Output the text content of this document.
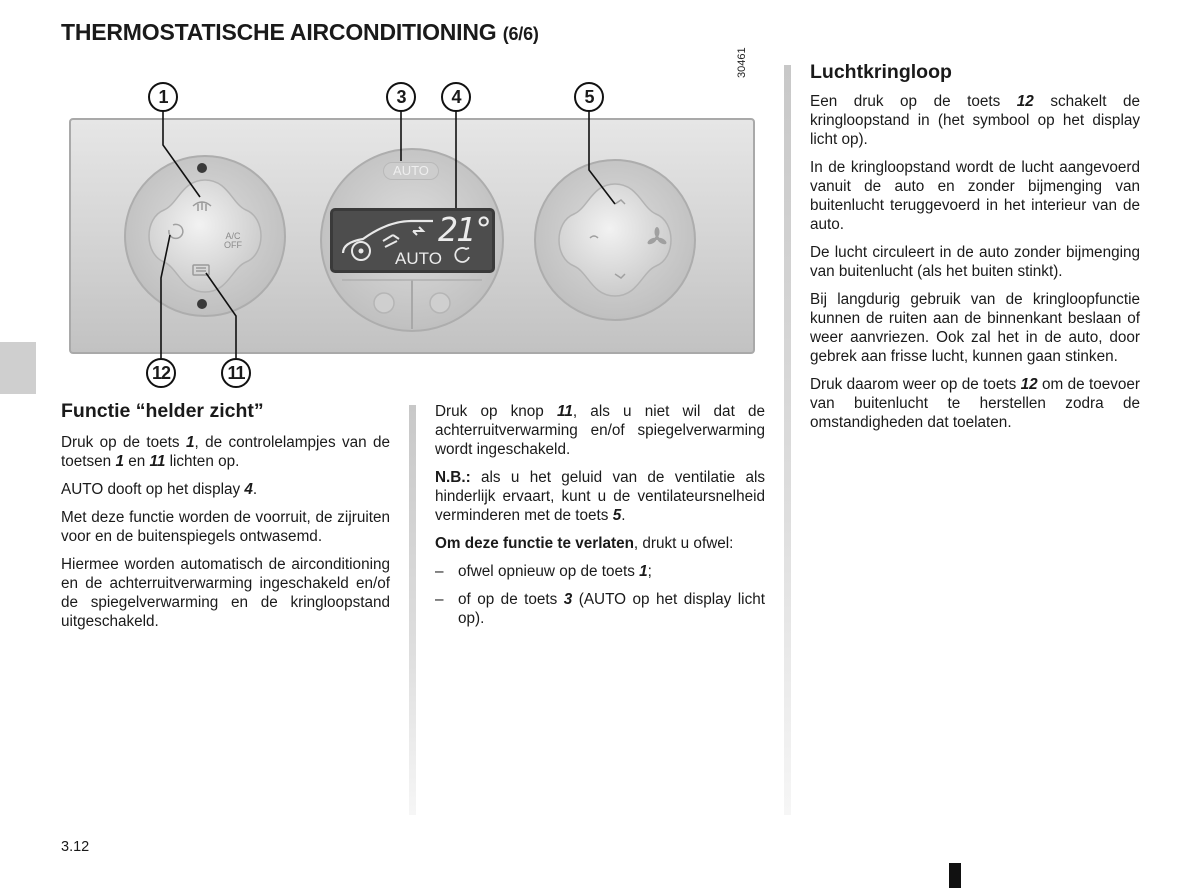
THERMOSTATISCHE AIRCONDITIONING (6/6)
1	3	4	5
12	11
30461
A/C
OFF
AUTO
21°
AUTO
Functie “helder zicht”

Druk op de toets 1, de controlelampjes van de toetsen 1 en 11 lichten op.

AUTO dooft op het display 4.

Met deze functie worden de voorruit, de zijruiten voor en de buitenspiegels ontwasemd.

Hiermee worden automatisch de airconditioning en de achterruitverwarming ingeschakeld en/of de spiegelverwarming en de kringloopstand uitgeschakeld.

Druk op knop 11, als u niet wil dat de achterruitverwarming en/of spiegelverwarming wordt ingeschakeld.

N.B.: als u het geluid van de ventilatie als hinderlijk ervaart, kunt u de ventilateursnelheid verminderen met de toets 5.

Om deze functie te verlaten, drukt u ofwel:

– ofwel opnieuw op de toets 1;
– of op de toets 3 (AUTO op het display licht op).
Luchtkringloop

Een druk op de toets 12 schakelt de kringloopstand in (het symbool op het display licht op).

In de kringloopstand wordt de lucht aangevoerd vanuit de auto en zonder bijmenging van buitenlucht teruggevoerd in het interieur van de auto.

De lucht circuleert in de auto zonder bijmenging van buitenlucht (als het buiten stinkt).

Bij langdurig gebruik van de kringloopfunctie kunnen de ruiten aan de binnenkant beslaan of weer aanvriezen. Ook zal het in de auto, door gebrek aan frisse lucht, kunnen gaan stinken.

Druk daarom weer op de toets 12 om de toevoer van buitenlucht te herstellen zodra de omstandigheden dat toelaten.

3.12
